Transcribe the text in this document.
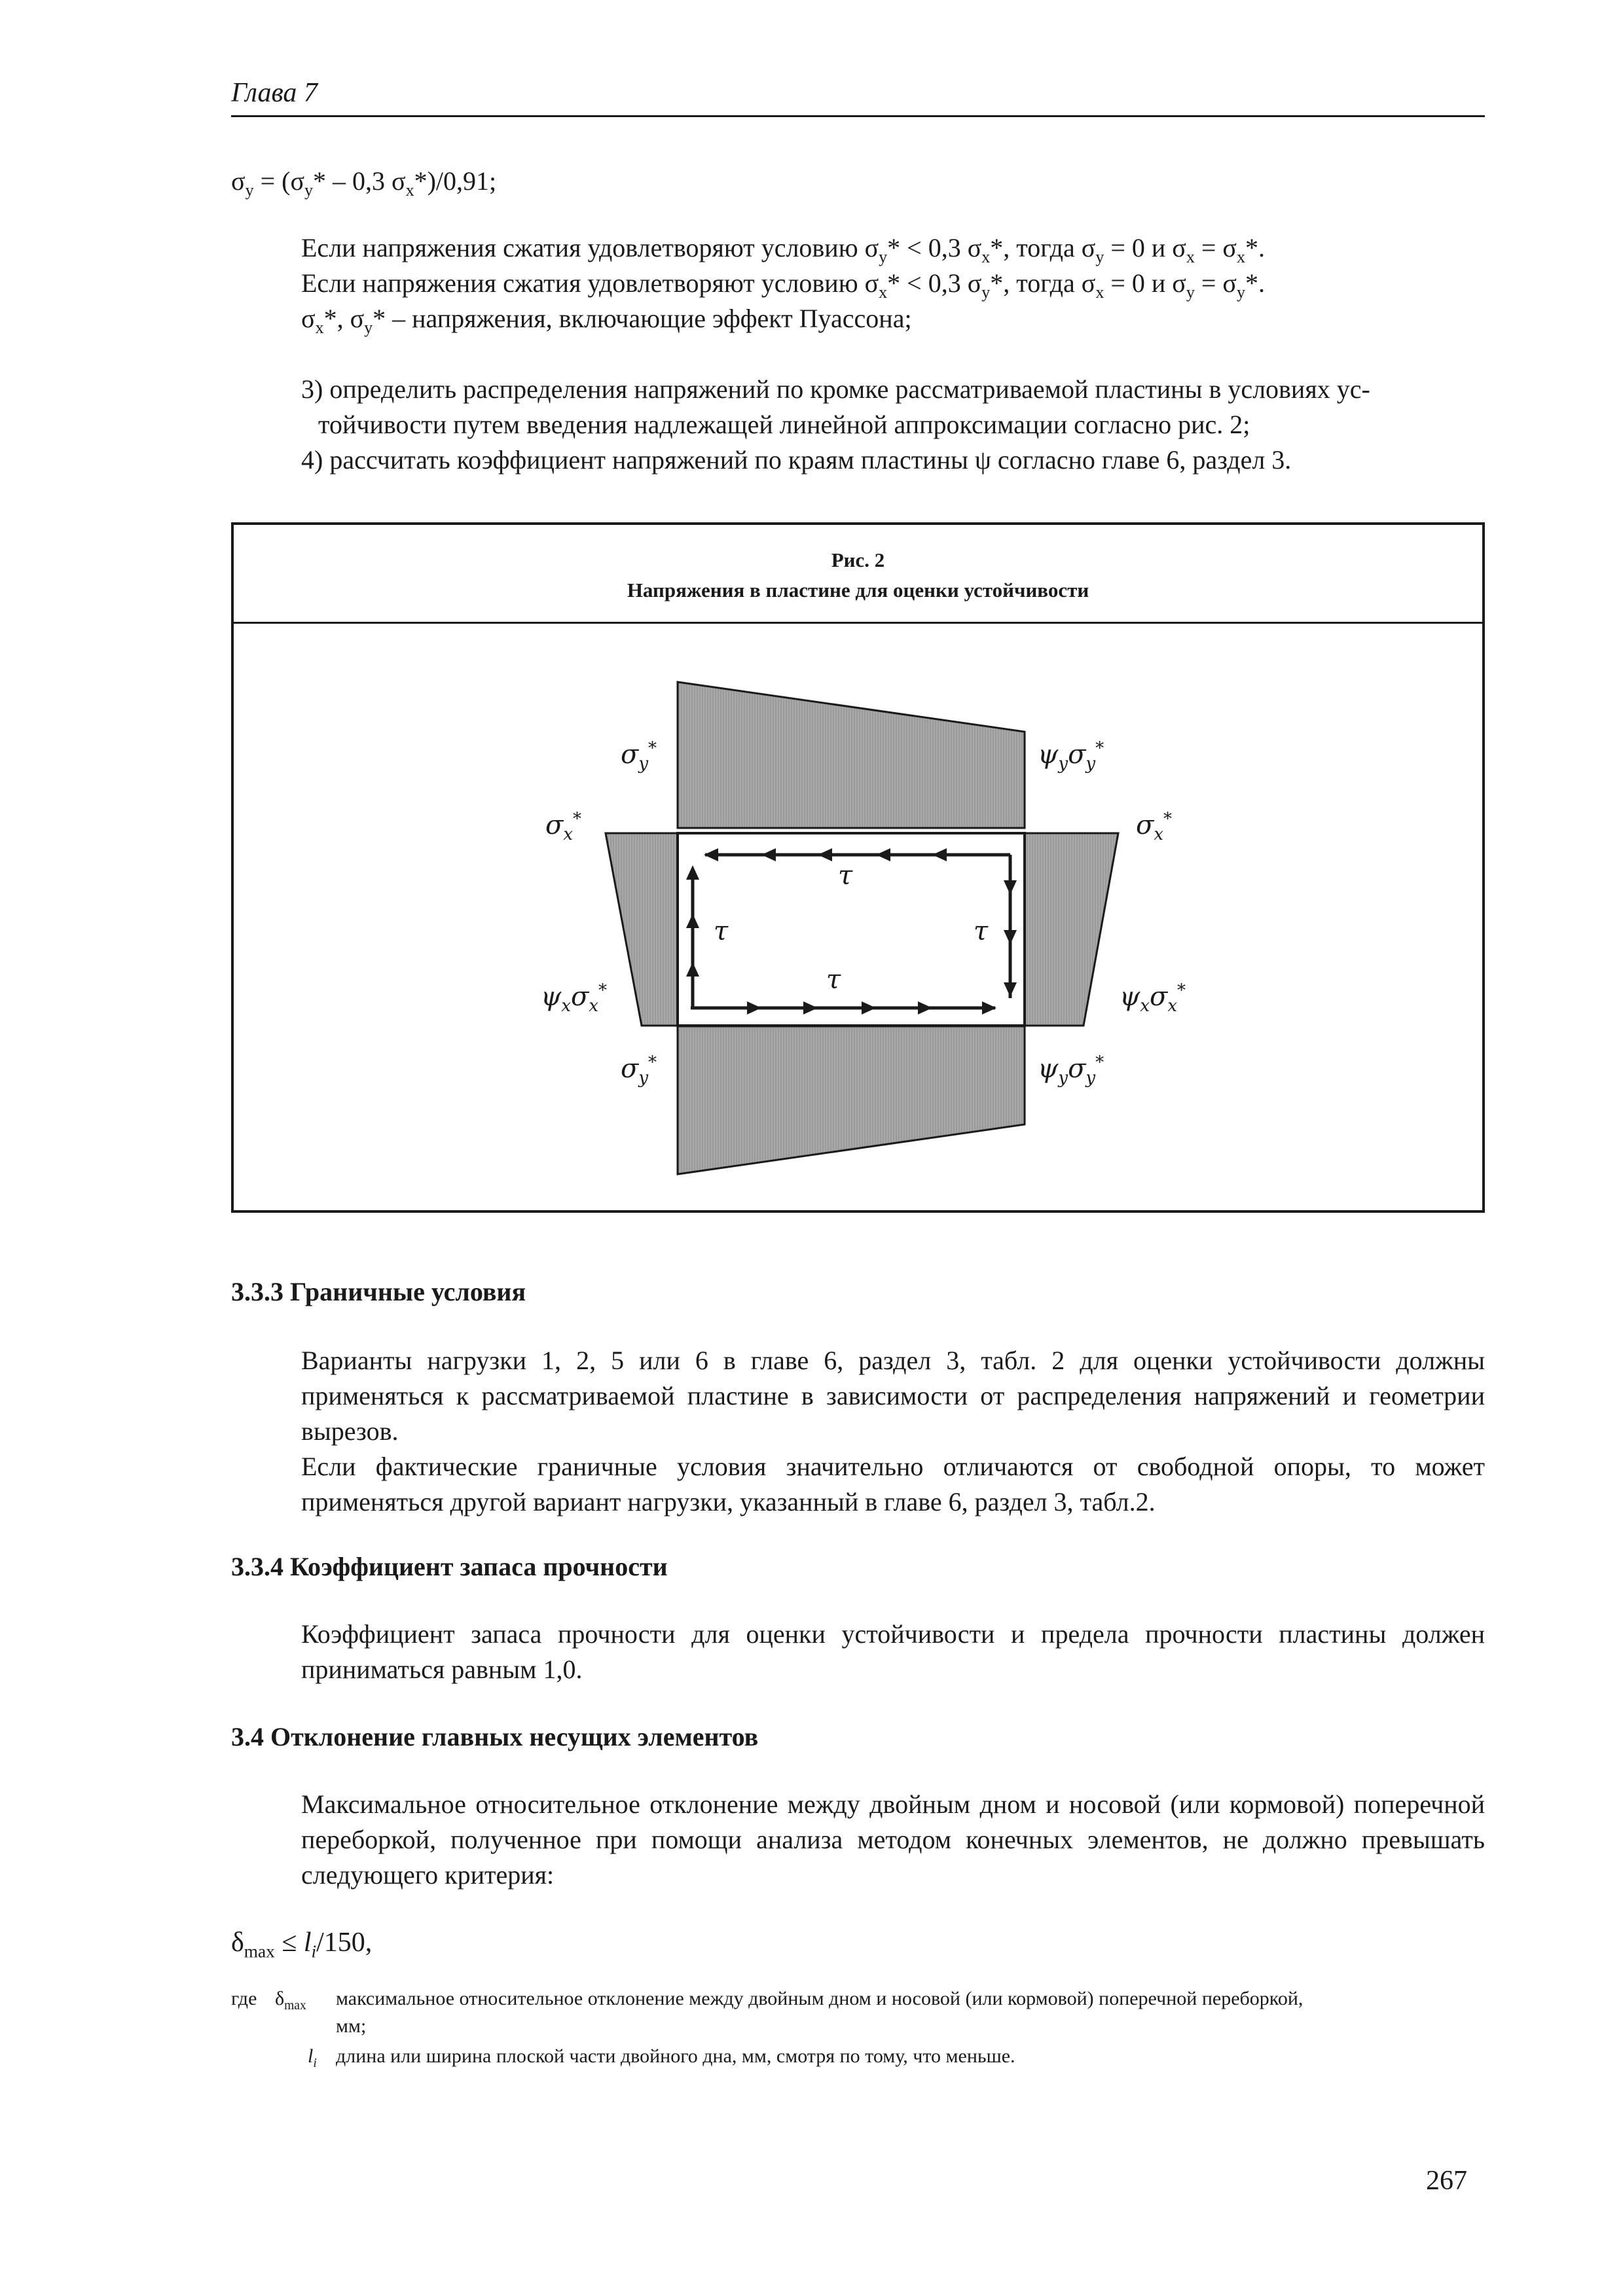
Глава 7
$\sigma_y = (\sigma_y* - 0,3$ $\sigma_x*)/0,91$;
Если напряжения сжатия удовлетворяют условию $\sigma_y* < 0,3$ $\sigma_x*$, тогда $\sigma_y = 0$ и $\sigma_x = \sigma_x*$.
Если напряжения сжатия удовлетворяют условию $\sigma_x* < 0,3$ $\sigma_y*$, тогда $\sigma_x = 0$ и $\sigma_y = \sigma_y*$.
$\sigma_x*$, $\sigma_y*$ – напряжения, включающие эффект Пуассона;
3) определить распределения напряжений по кромке рассматриваемой пластины в условиях ус-
тойчивости путем введения надлежащей линейной аппроксимации согласно рис. 2;
4) рассчитать коэффициент напряжений по краям пластины ψ согласно главе 6, раздел 3.
Рис. 2
Напряжения в пластине для оценки устойчивости
$\sigma_y^*$	$\psi_y\sigma_y^*$
$\sigma_x^*$	$\sigma_x^*$
τ
τ	τ
τ
$\psi_x\sigma_x^*$	$\psi_x\sigma_x^*$
$\sigma_y^*$	$\psi_y\sigma_y^*$
3.3.3 Граничные условия
Варианты нагрузки 1, 2, 5 или 6 в главе 6, раздел 3, табл. 2 для оценки устойчивости должны применяться к рассматриваемой пластине в зависимости от распределения напряжений и геометрии вырезов.
Если фактические граничные условия значительно отличаются от свободной опоры, то может применяться другой вариант нагрузки, указанный в главе 6, раздел 3, табл.2.
3.3.4 Коэффициент запаса прочности
Коэффициент запаса прочности для оценки устойчивости и предела прочности пластины должен приниматься равным 1,0.
3.4 Отклонение главных несущих элементов
Максимальное относительное отклонение между двойным дном и носовой (или кормовой) поперечной переборкой, полученное при помощи анализа методом конечных элементов, не должно превышать следующего критерия:
$\delta_{max} \le l_i/150$,
где $\delta_{max}$ максимальное относительное отклонение между двойным дном и носовой (или кормовой) поперечной переборкой,
мм;
$l_i$ длина или ширина плоской части двойного дна, мм, смотря по тому, что меньше.
267
